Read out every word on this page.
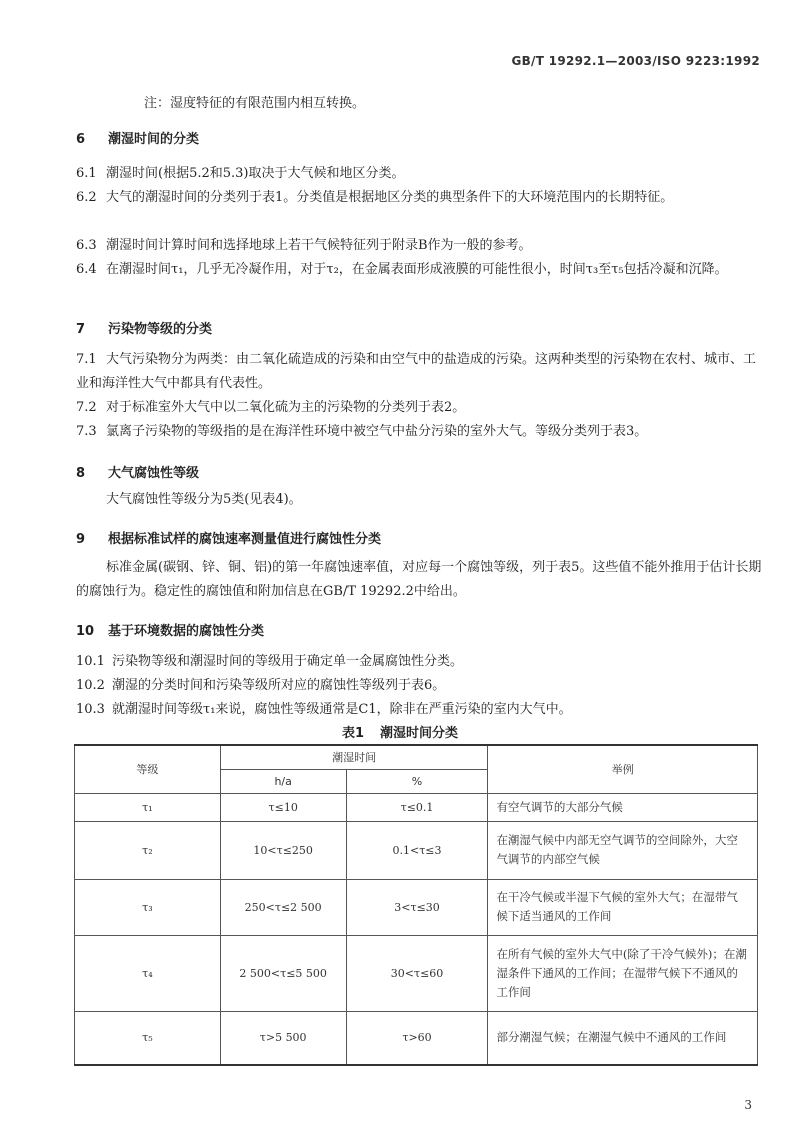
GB/T 19292.1—2003/ISO 9223:1992
注：湿度特征的有限范围内相互转换。
6 潮湿时间的分类
6.1 潮湿时间(根据5.2和5.3)取决于大气候和地区分类。
6.2 大气的潮湿时间的分类列于表1。分类值是根据地区分类的典型条件下的大环境范围内的长期特征。
6.3 潮湿时间计算时间和选择地球上若干气候特征列于附录B作为一般的参考。
6.4 在潮湿时间τ₁，几乎无冷凝作用，对于τ₂，在金属表面形成液膜的可能性很小，时间τ₃至τ₅包括冷凝和沉降。
7 污染物等级的分类
7.1 大气污染物分为两类：由二氧化硫造成的污染和由空气中的盐造成的污染。这两种类型的污染物在农村、城市、工业和海洋性大气中都具有代表性。
7.2 对于标准室外大气中以二氧化硫为主的污染物的分类列于表2。
7.3 氯离子污染物的等级指的是在海洋性环境中被空气中盐分污染的室外大气。等级分类列于表3。
8 大气腐蚀性等级
大气腐蚀性等级分为5类(见表4)。
9 根据标准试样的腐蚀速率测量值进行腐蚀性分类
标准金属(碳钢、锌、铜、铝)的第一年腐蚀速率值，对应每一个腐蚀等级，列于表5。这些值不能外推用于估计长期的腐蚀行为。稳定性的腐蚀值和附加信息在GB/T 19292.2中给出。
10 基于环境数据的腐蚀性分类
10.1 污染物等级和潮湿时间的等级用于确定单一金属腐蚀性分类。
10.2 潮湿的分类时间和污染等级所对应的腐蚀性等级列于表6。
10.3 就潮湿时间等级τ₁来说，腐蚀性等级通常是C1，除非在严重污染的室内大气中。
表1 潮湿时间分类
等级	潮湿时间		举例
	h/a	%	
τ₁	τ≤10	τ≤0.1	有空气调节的大部分气候
τ₂	10<τ≤250	0.1<τ≤3	在潮湿气候中内部无空气调节的空间除外，大空气调节的内部空气候
τ₃	250<τ≤2 500	3<τ≤30	在干冷气候或半湿下气候的室外大气；在湿带气候下适当通风的工作间
τ₄	2 500<τ≤5 500	30<τ≤60	在所有气候的室外大气中(除了干冷气候外)；在潮湿条件下通风的工作间；在湿带气候下不通风的工作间
τ₅	τ>5 500	τ>60	部分潮湿气候；在潮湿气候中不通风的工作间
3
